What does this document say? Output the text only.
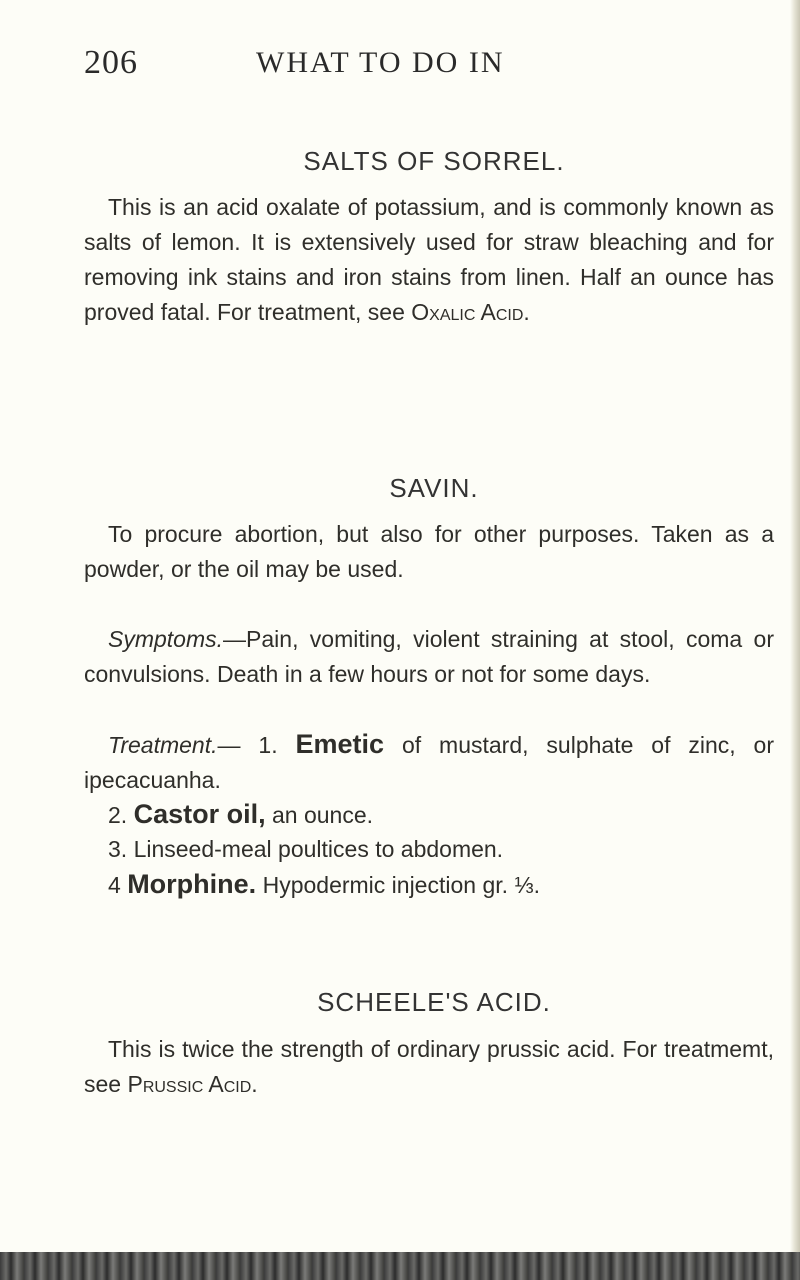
206	WHAT TO DO IN
SALTS OF SORREL.

This is an acid oxalate of potassium, and is commonly known as salts of lemon. It is extensively used for straw bleaching and for removing ink stains and iron stains from linen. Half an ounce has proved fatal. For treatment, see Oxalic Acid.

SAVIN.

To procure abortion, but also for other purposes. Taken as a powder, or the oil may be used.

Symptoms.—Pain, vomiting, violent straining at stool, coma or convulsions. Death in a few hours or not for some days.

Treatment.— 1. Emetic of mustard, sulphate of zinc, or ipecacuanha.

2. Castor oil, an ounce.

3. Linseed-meal poultices to abdomen.

4 Morphine. Hypodermic injection gr. ⅓.

SCHEELE'S ACID.

This is twice the strength of ordinary prussic acid. For treatmemt, see Prussic Acid.
